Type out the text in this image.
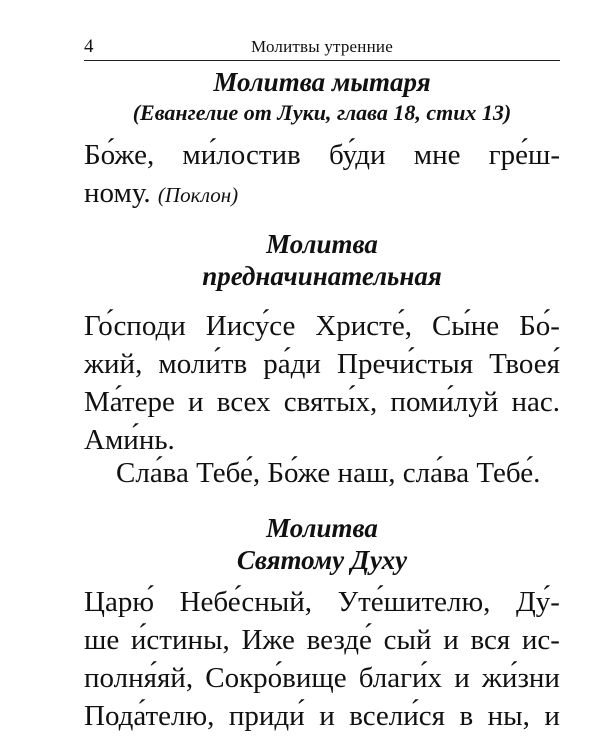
4	Молитвы утренние

Молитва мытаря

(Евангелие от Луки, глава 18, стих 13)

Бо́же, ми́лостив бу́ди мне гре́ш-
ному. (Поклон)

Молитва

предначинательная

Го́споди Иису́се Христе́, Сы́не Бо́-
жий, моли́тв ра́ди Пречи́стыя Твоея́
Ма́тере и всех святы́х, поми́луй нас.
Ами́нь.
Сла́ва Тебе́, Бо́же наш, сла́ва Тебе́.

Молитва

Святому Духу

Царю́ Небе́сный, Уте́шителю, Ду́-
ше и́стины, Иже везде́ сый и вся ис-
полня́яй, Сокро́вище благи́х и жи́зни
Пода́телю, приди́ и всели́ся в ны, и
